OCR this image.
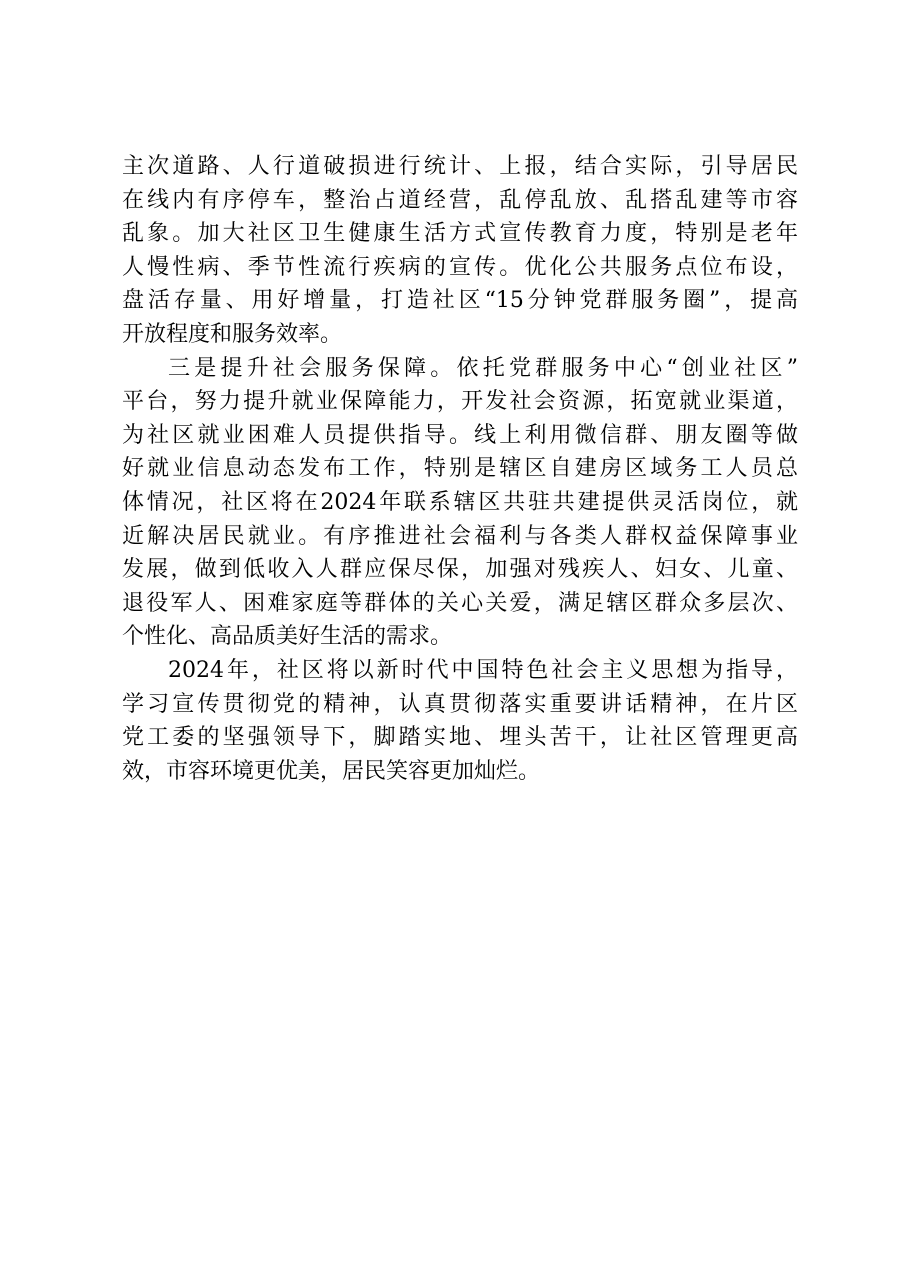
主次道路、人行道破损进行统计、上报，结合实际，引导居民
在线内有序停车，整治占道经营，乱停乱放、乱搭乱建等市容
乱象。加大社区卫生健康生活方式宣传教育力度，特别是老年
人慢性病、季节性流行疾病的宣传。优化公共服务点位布设，
盘活存量、用好增量，打造社区“15分钟党群服务圈”，提高
开放程度和服务效率。
三是提升社会服务保障。依托党群服务中心“创业社区”
平台，努力提升就业保障能力，开发社会资源，拓宽就业渠道，
为社区就业困难人员提供指导。线上利用微信群、朋友圈等做
好就业信息动态发布工作，特别是辖区自建房区域务工人员总
体情况，社区将在2024年联系辖区共驻共建提供灵活岗位，就
近解决居民就业。有序推进社会福利与各类人群权益保障事业
发展，做到低收入人群应保尽保，加强对残疾人、妇女、儿童、
退役军人、困难家庭等群体的关心关爱，满足辖区群众多层次、
个性化、高品质美好生活的需求。
2024年，社区将以新时代中国特色社会主义思想为指导，
学习宣传贯彻党的精神，认真贯彻落实重要讲话精神，在片区
党工委的坚强领导下，脚踏实地、埋头苦干，让社区管理更高
效，市容环境更优美，居民笑容更加灿烂。
